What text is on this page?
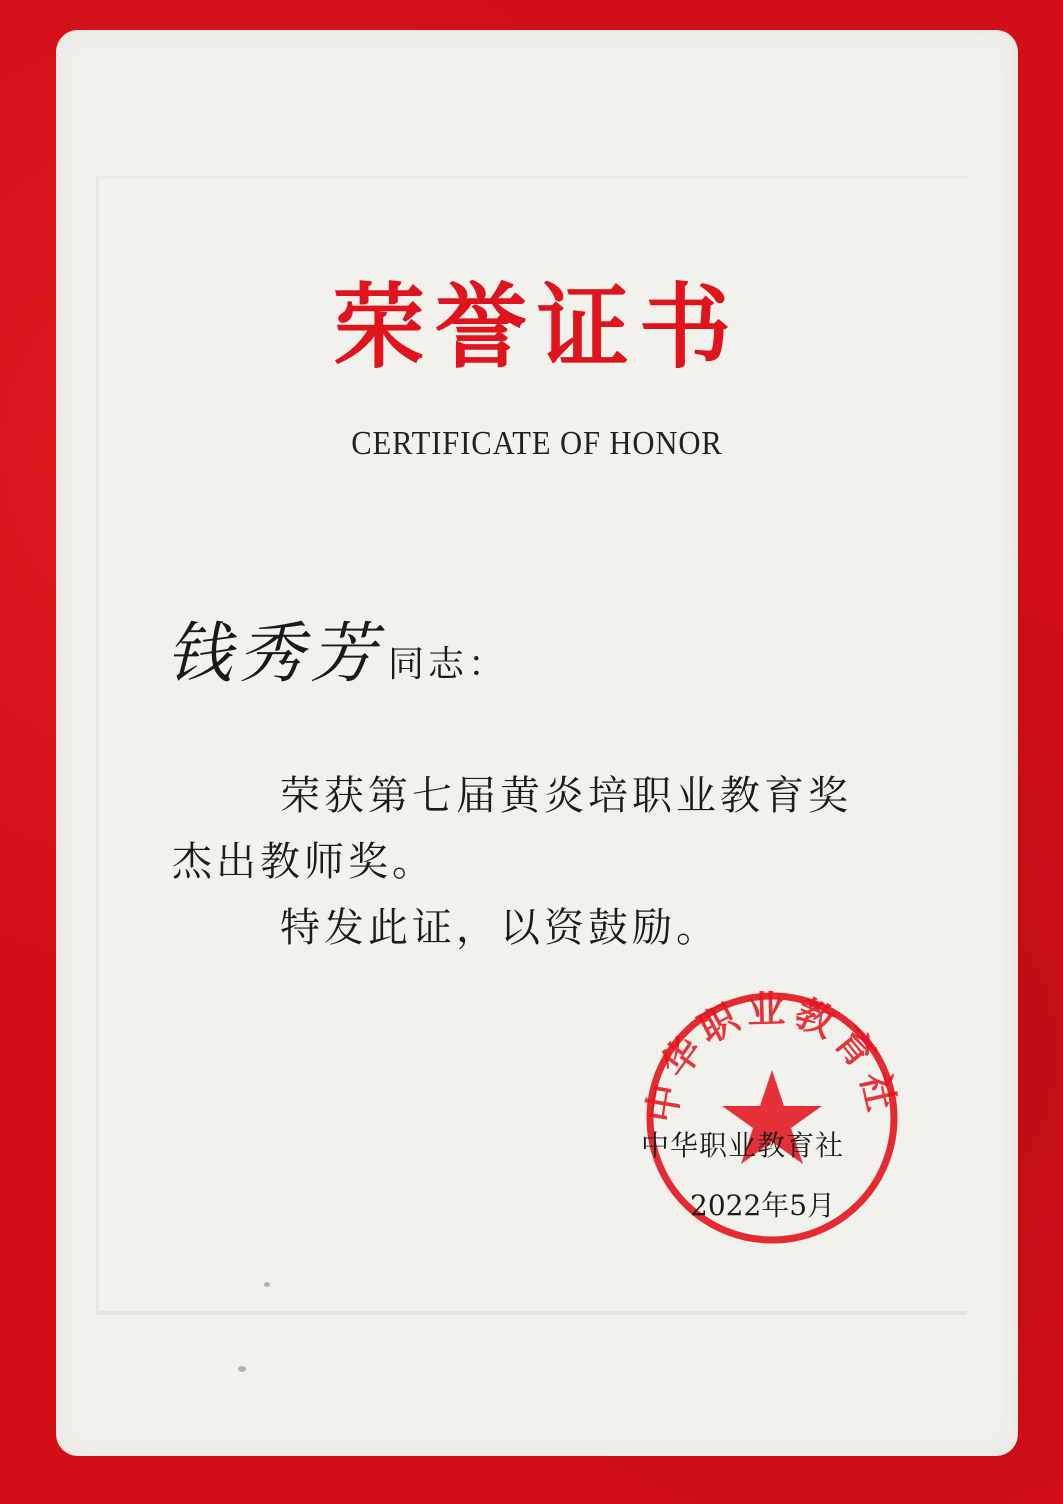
荣誉证书
CERTIFICATE OF HONOR
钱秀芳 同志：
荣获第七届黄炎培职业教育奖
杰出教师奖。
特发此证，以资鼓励。
中华职业教育社
中华职业教育社
2022年5月
